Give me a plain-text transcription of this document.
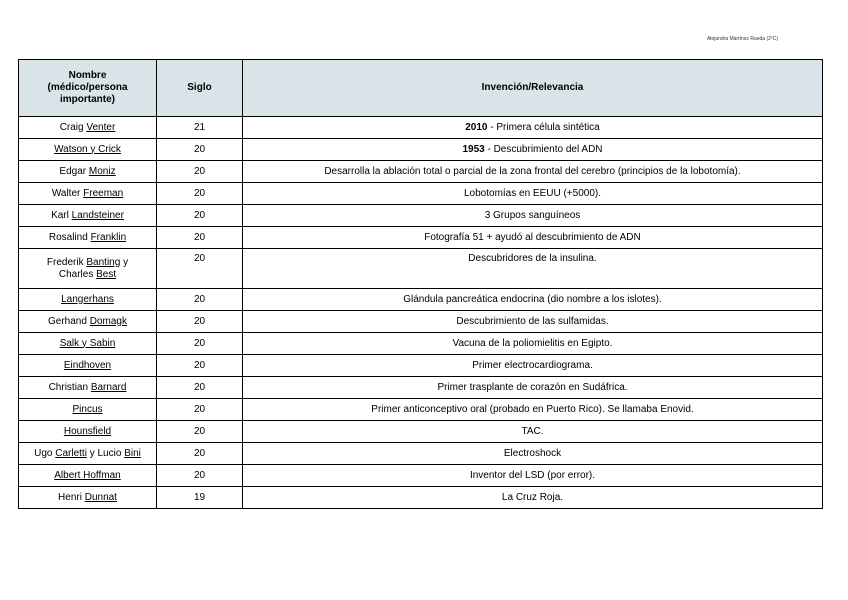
Alejandra Martínez Rueda (2ºC)
Nombre
(médico/persona
importante)	Siglo	Invención/Relevancia
Craig Venter	21	2010 - Primera célula sintética
Watson y Crick	20	1953 - Descubrimiento del ADN
Edgar Moniz	20	Desarrolla la ablación total o parcial de la zona frontal del cerebro (principios de la lobotomía).
Walter Freeman	20	Lobotomías en EEUU (+5000).
Karl Landsteiner	20	3 Grupos sanguíneos
Rosalind Franklin	20	Fotografía 51 + ayudó al descubrimiento de ADN
Frederik Banting y
Charles Best	20	Descubridores de la insulina.
Langerhans	20	Glándula pancreática endocrina (dio nombre a los islotes).
Gerhand Domagk	20	Descubrimiento de las sulfamidas.
Salk y Sabin	20	Vacuna de la poliomielitis en Egipto.
Eindhoven	20	Primer electrocardiograma.
Christian Barnard	20	Primer trasplante de corazón en Sudáfrica.
Pincus	20	Primer anticonceptivo oral (probado en Puerto Rico). Se llamaba Enovid.
Hounsfield	20	TAC.
Ugo Carletti y Lucio Bini	20	Electroshock
Albert Hoffman	20	Inventor del LSD (por error).
Henri Dunnat	19	La Cruz Roja.
